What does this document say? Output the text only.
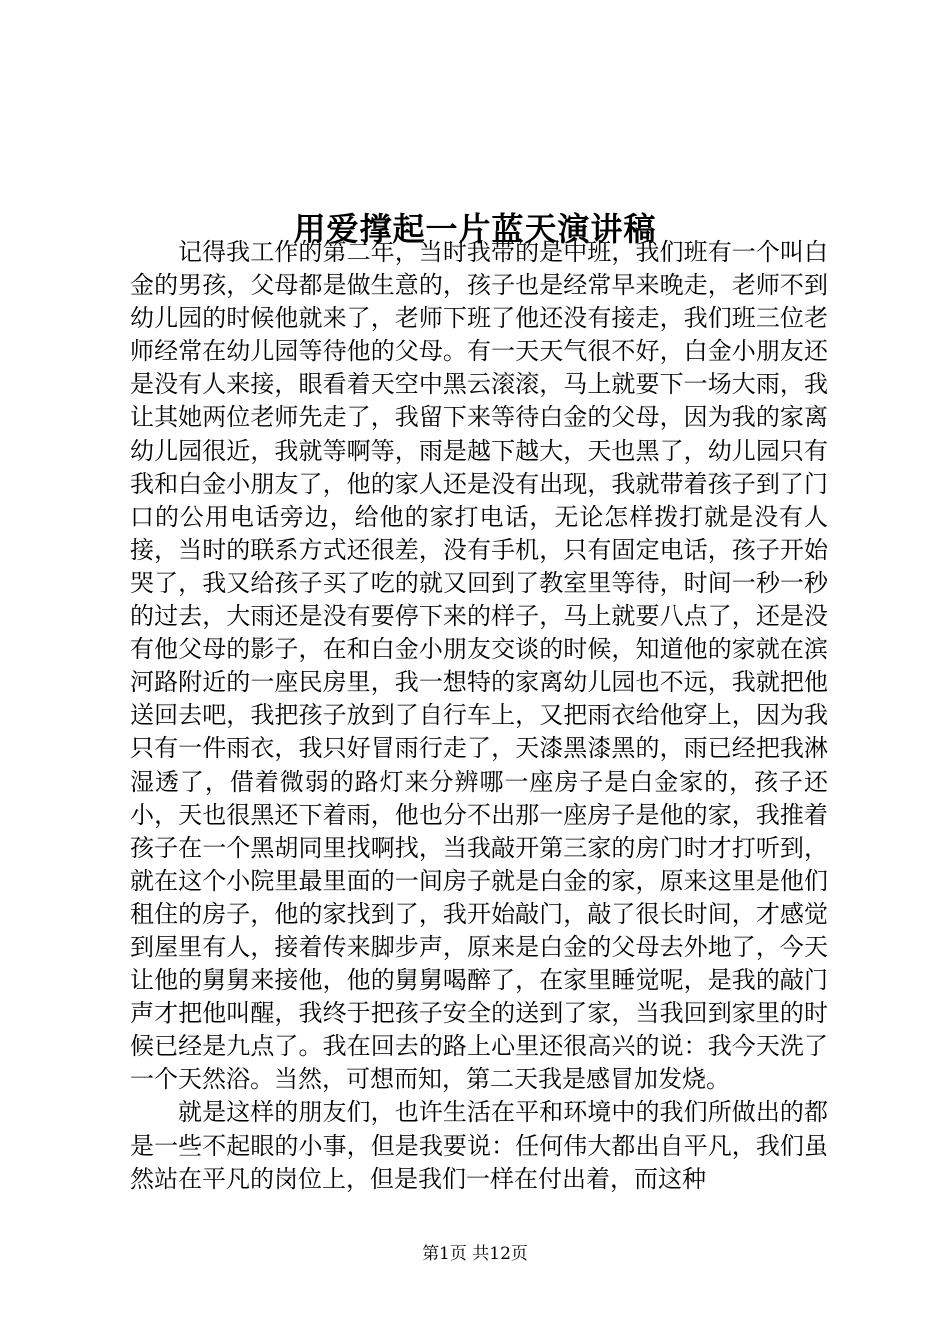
用爱撑起一片蓝天演讲稿

记得我工作的第二年，当时我带的是中班，我们班有一个叫白金的男孩，父母都是做生意的，孩子也是经常早来晚走，老师不到幼儿园的时候他就来了，老师下班了他还没有接走，我们班三位老师经常在幼儿园等待他的父母。有一天天气很不好，白金小朋友还是没有人来接，眼看着天空中黑云滚滚，马上就要下一场大雨，我让其她两位老师先走了，我留下来等待白金的父母，因为我的家离幼儿园很近，我就等啊等，雨是越下越大，天也黑了，幼儿园只有我和白金小朋友了，他的家人还是没有出现，我就带着孩子到了门口的公用电话旁边，给他的家打电话，无论怎样拨打就是没有人接，当时的联系方式还很差，没有手机，只有固定电话，孩子开始哭了，我又给孩子买了吃的就又回到了教室里等待，时间一秒一秒的过去，大雨还是没有要停下来的样子，马上就要八点了，还是没有他父母的影子，在和白金小朋友交谈的时候，知道他的家就在滨河路附近的一座民房里，我一想特的家离幼儿园也不远，我就把他送回去吧，我把孩子放到了自行车上，又把雨衣给他穿上，因为我只有一件雨衣，我只好冒雨行走了，天漆黑漆黑的，雨已经把我淋湿透了，借着微弱的路灯来分辨哪一座房子是白金家的，孩子还小，天也很黑还下着雨，他也分不出那一座房子是他的家，我推着孩子在一个黑胡同里找啊找，当我敲开第三家的房门时才打听到，就在这个小院里最里面的一间房子就是白金的家，原来这里是他们租住的房子，他的家找到了，我开始敲门，敲了很长时间，才感觉到屋里有人，接着传来脚步声，原来是白金的父母去外地了，今天让他的舅舅来接他，他的舅舅喝醉了，在家里睡觉呢，是我的敲门声才把他叫醒，我终于把孩子安全的送到了家，当我回到家里的时候已经是九点了。我在回去的路上心里还很高兴的说：我今天洗了一个天然浴。当然，可想而知，第二天我是感冒加发烧。

就是这样的朋友们，也许生活在平和环境中的我们所做出的都是一些不起眼的小事，但是我要说：任何伟大都出自平凡，我们虽然站在平凡的岗位上，但是我们一样在付出着，而这种

第1页 共12页
